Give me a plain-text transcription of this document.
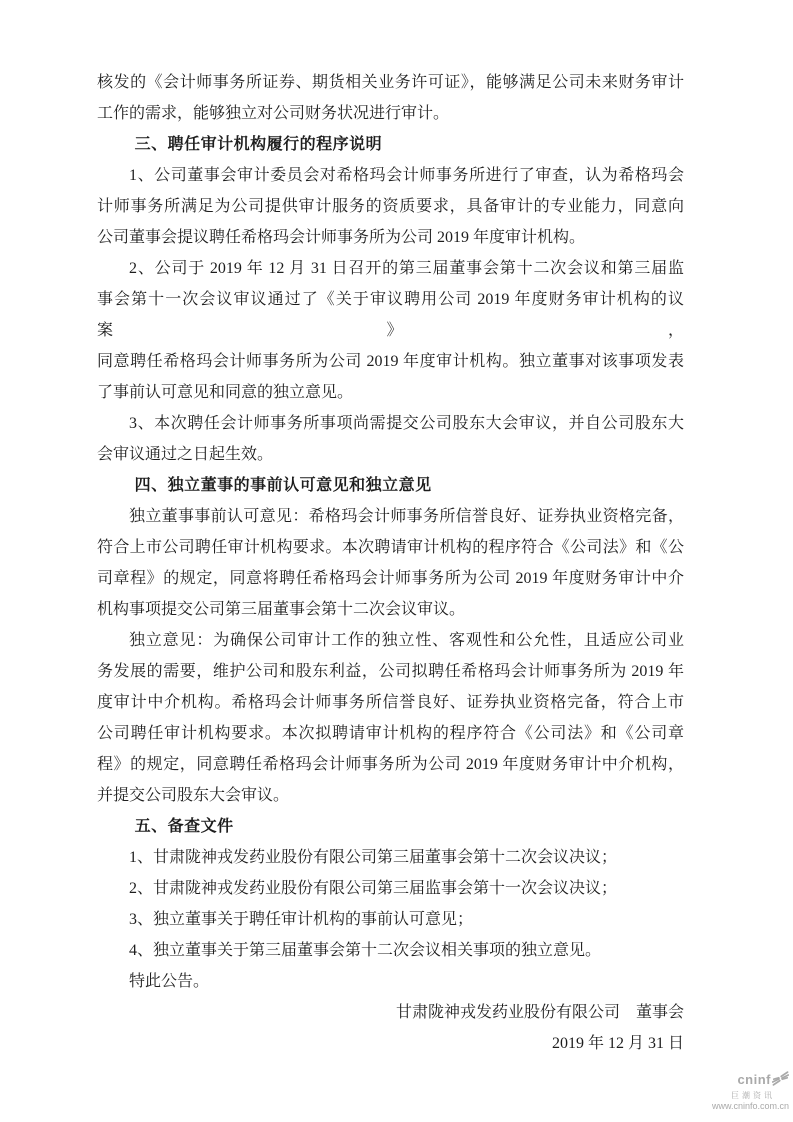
核发的《会计师事务所证券、期货相关业务许可证》，能够满足公司未来财务审计
工作的需求，能够独立对公司财务状况进行审计。
三、聘任审计机构履行的程序说明
1、公司董事会审计委员会对希格玛会计师事务所进行了审查，认为希格玛会
计师事务所满足为公司提供审计服务的资质要求，具备审计的专业能力，同意向
公司董事会提议聘任希格玛会计师事务所为公司 2019 年度审计机构。
2、公司于 2019 年 12 月 31 日召开的第三届董事会第十二次会议和第三届监
事会第十一次会议审议通过了《关于审议聘用公司 2019 年度财务审计机构的议案》，
同意聘任希格玛会计师事务所为公司 2019 年度审计机构。独立董事对该事项发表
了事前认可意见和同意的独立意见。
3、本次聘任会计师事务所事项尚需提交公司股东大会审议，并自公司股东大
会审议通过之日起生效。
四、独立董事的事前认可意见和独立意见
独立董事事前认可意见：希格玛会计师事务所信誉良好、证券执业资格完备，
符合上市公司聘任审计机构要求。本次聘请审计机构的程序符合《公司法》和《公
司章程》的规定，同意将聘任希格玛会计师事务所为公司 2019 年度财务审计中介
机构事项提交公司第三届董事会第十二次会议审议。
独立意见：为确保公司审计工作的独立性、客观性和公允性，且适应公司业
务发展的需要，维护公司和股东利益，公司拟聘任希格玛会计师事务所为 2019 年
度审计中介机构。希格玛会计师事务所信誉良好、证券执业资格完备，符合上市
公司聘任审计机构要求。本次拟聘请审计机构的程序符合《公司法》和《公司章
程》的规定，同意聘任希格玛会计师事务所为公司 2019 年度财务审计中介机构，
并提交公司股东大会审议。
五、备查文件
1、甘肃陇神戎发药业股份有限公司第三届董事会第十二次会议决议；
2、甘肃陇神戎发药业股份有限公司第三届监事会第十一次会议决议；
3、独立董事关于聘任审计机构的事前认可意见；
4、独立董事关于第三届董事会第十二次会议相关事项的独立意见。
特此公告。
甘肃陇神戎发药业股份有限公司　董事会
2019 年 12 月 31 日
cninf
巨潮资讯
www.cninfo.com.cn
